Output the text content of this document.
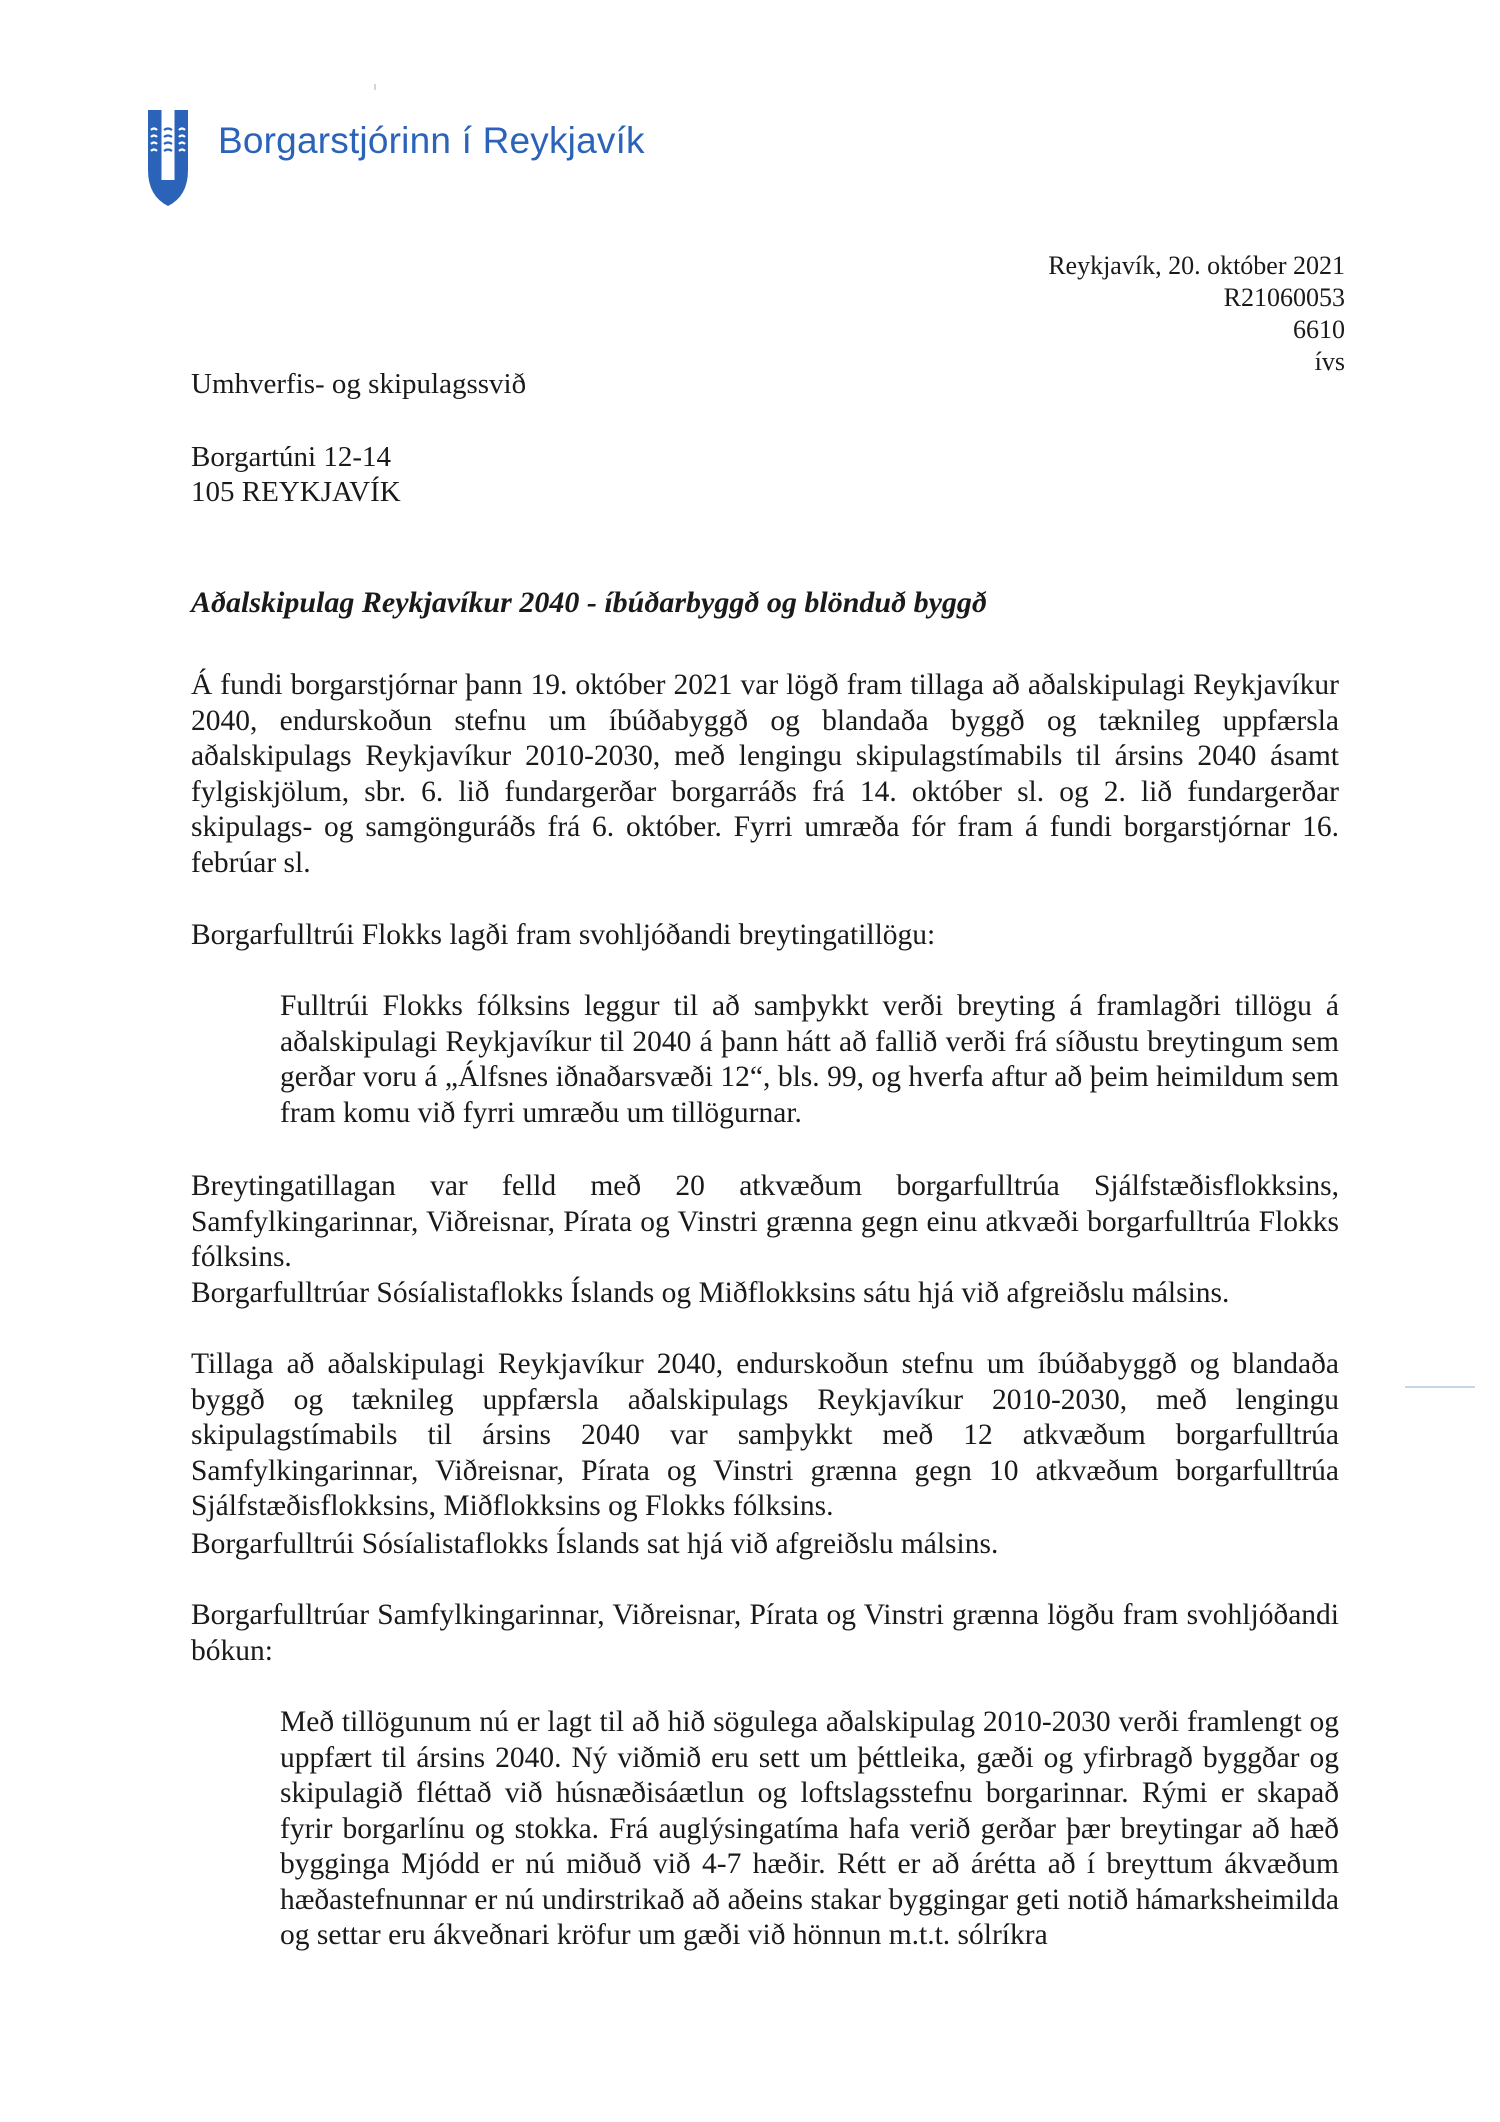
Borgarstjórinn í Reykjavík
Reykjavík, 20. október 2021
R21060053
6610
ívs
Umhverfis- og skipulagssvið
Borgartúni 12-14
105 REYKJAVÍK
Aðalskipulag Reykjavíkur 2040 - íbúðarbyggð og blönduð byggð

Á fundi borgarstjórnar þann 19. október 2021 var lögð fram tillaga að aðalskipulagi Reykjavíkur 2040, endurskoðun stefnu um íbúðabyggð og blandaða byggð og tæknileg uppfærsla aðalskipulags Reykjavíkur 2010-2030, með lengingu skipulagstímabils til ársins 2040 ásamt fylgiskjölum, sbr. 6. lið fundargerðar borgarráðs frá 14. október sl. og 2. lið fundargerðar skipulags- og samgönguráðs frá 6. október. Fyrri umræða fór fram á fundi borgarstjórnar 16. febrúar sl.

Borgarfulltrúi Flokks lagði fram svohljóðandi breytingatillögu:

Fulltrúi Flokks fólksins leggur til að samþykkt verði breyting á framlagðri tillögu á aðalskipulagi Reykjavíkur til 2040 á þann hátt að fallið verði frá síðustu breytingum sem gerðar voru á „Álfsnes iðnaðarsvæði 12“, bls. 99, og hverfa aftur að þeim heimildum sem fram komu við fyrri umræðu um tillögurnar.

Breytingatillagan var felld með 20 atkvæðum borgarfulltrúa Sjálfstæðisflokksins, Samfylkingarinnar, Viðreisnar, Pírata og Vinstri grænna gegn einu atkvæði borgarfulltrúa Flokks fólksins.

Borgarfulltrúar Sósíalistaflokks Íslands og Miðflokksins sátu hjá við afgreiðslu málsins.

Tillaga að aðalskipulagi Reykjavíkur 2040, endurskoðun stefnu um íbúðabyggð og blandaða byggð og tæknileg uppfærsla aðalskipulags Reykjavíkur 2010-2030, með lengingu skipulagstímabils til ársins 2040 var samþykkt með 12 atkvæðum borgarfulltrúa Samfylkingarinnar, Viðreisnar, Pírata og Vinstri grænna gegn 10 atkvæðum borgarfulltrúa Sjálfstæðisflokksins, Miðflokksins og Flokks fólksins.

Borgarfulltrúi Sósíalistaflokks Íslands sat hjá við afgreiðslu málsins.

Borgarfulltrúar Samfylkingarinnar, Viðreisnar, Pírata og Vinstri grænna lögðu fram svohljóðandi bókun:

Með tillögunum nú er lagt til að hið sögulega aðalskipulag 2010-2030 verði framlengt og uppfært til ársins 2040. Ný viðmið eru sett um þéttleika, gæði og yfirbragð byggðar og skipulagið fléttað við húsnæðisáætlun og loftslagsstefnu borgarinnar. Rými er skapað fyrir borgarlínu og stokka. Frá auglýsingatíma hafa verið gerðar þær breytingar að hæð bygginga Mjódd er nú miðuð við 4-7 hæðir. Rétt er að árétta að í breyttum ákvæðum hæðastefnunnar er nú undirstrikað að aðeins stakar byggingar geti notið hámarksheimilda og settar eru ákveðnari kröfur um gæði við hönnun m.t.t. sólríkra
